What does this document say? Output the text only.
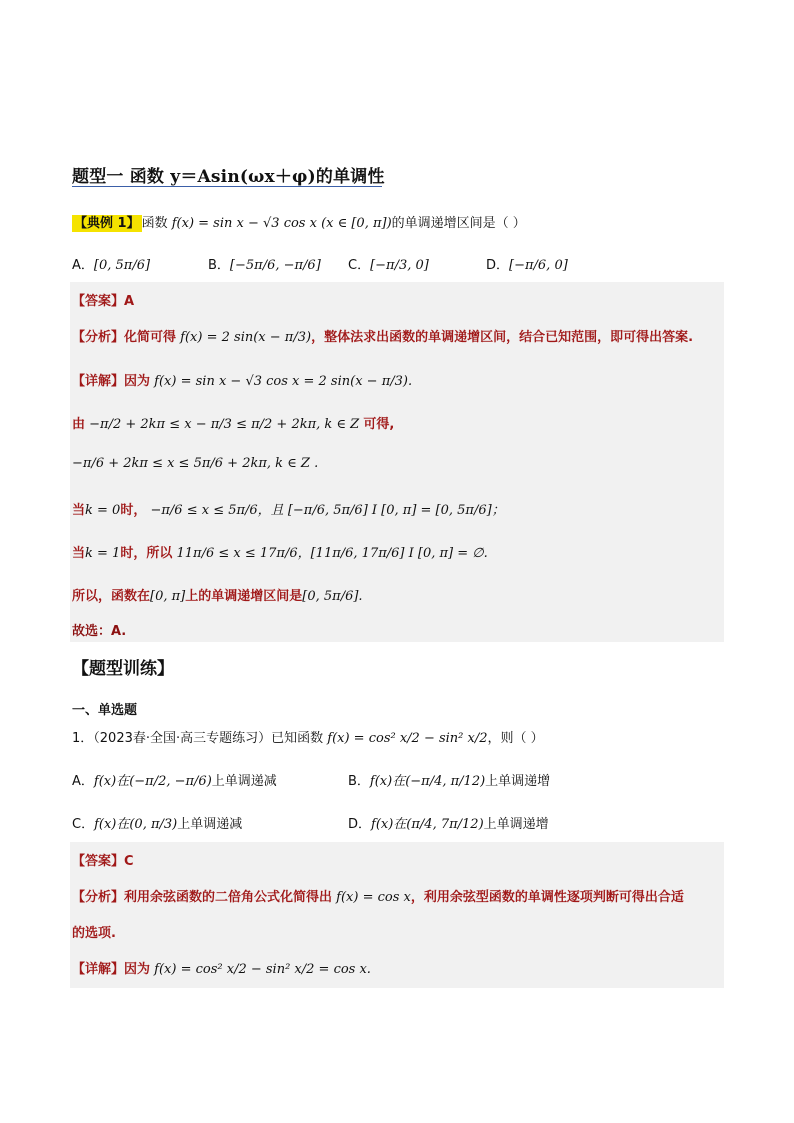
题型一 函数 y＝Asin(ωx＋φ)的单调性
【典例 1】 函数 f(x) = sin x − √3 cos x (x ∈ [0, π])的单调递增区间是（ ）
A．[0, 5π/6]	B．[−5π/6, −π/6] C．[−π/3, 0]	D．[−π/6, 0]
【答案】A
【分析】化简可得 f(x) = 2 sin(x − π/3)，整体法求出函数的单调递增区间，结合已知范围，即可得出答案.
【详解】因为 f(x) = sin x − √3 cos x = 2 sin(x − π/3).
由 −π/2 + 2kπ ≤ x − π/3 ≤ π/2 + 2kπ, k ∈ Z 可得,
−π/6 + 2kπ ≤ x ≤ 5π/6 + 2kπ, k ∈ Z .
当k = 0时， −π/6 ≤ x ≤ 5π/6，且 [−π/6, 5π/6] I [0, π] = [0, 5π/6]；
当k = 1时，所以 11π/6 ≤ x ≤ 17π/6，[11π/6, 17π/6] I [0, π] = ∅.
所以，函数在[0, π]上的单调递增区间是[0, 5π/6].
故选：A.
【题型训练】
一、单选题
1．（2023春·全国·高三专题练习）已知函数 f(x) = cos² x/2 − sin² x/2，则（ ）
A．f(x)在(−π/2, −π/6)上单调递减	B．f(x)在(−π/4, π/12)上单调递增
C．f(x)在(0, π/3)上单调递减	D．f(x)在(π/4, 7π/12)上单调递增
【答案】C
【分析】利用余弦函数的二倍角公式化简得出 f(x) = cos x，利用余弦型函数的单调性逐项判断可得出合适
的选项.
【详解】因为 f(x) = cos² x/2 − sin² x/2 = cos x.
